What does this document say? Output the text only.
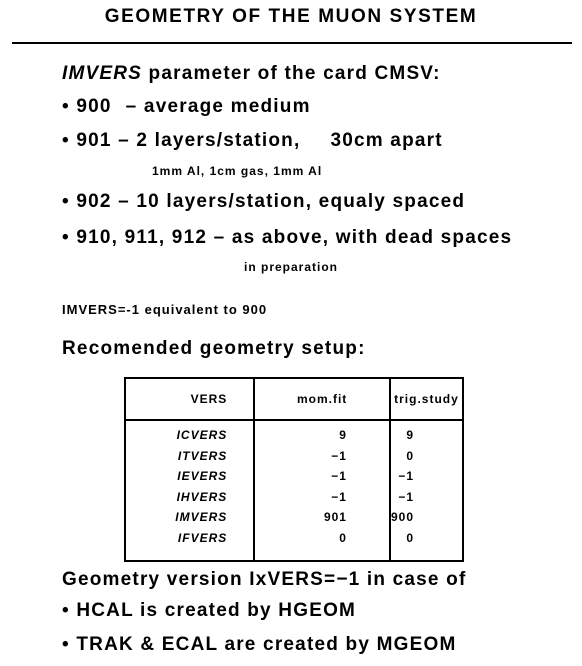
GEOMETRY OF THE MUON SYSTEM
IMVERS parameter of the card CMSV:
• 900 – average medium
• 901 – 2 layers/station, 30cm apart
1mm Al, 1cm gas, 1mm Al
• 902 – 10 layers/station, equaly spaced
• 910, 911, 912 – as above, with dead spaces
in preparation
IMVERS=-1 equivalent to 900
Recomended geometry setup:
VERS	mom.fit	trig.study
ICVERS	9	9
ITVERS	−1	0
IEVERS	−1	−1
IHVERS	−1	−1
IMVERS	901	900
IFVERS	0	0

Geometry version IxVERS=−1 in case of
• HCAL is created by HGEOM
• TRAK & ECAL are created by MGEOM
